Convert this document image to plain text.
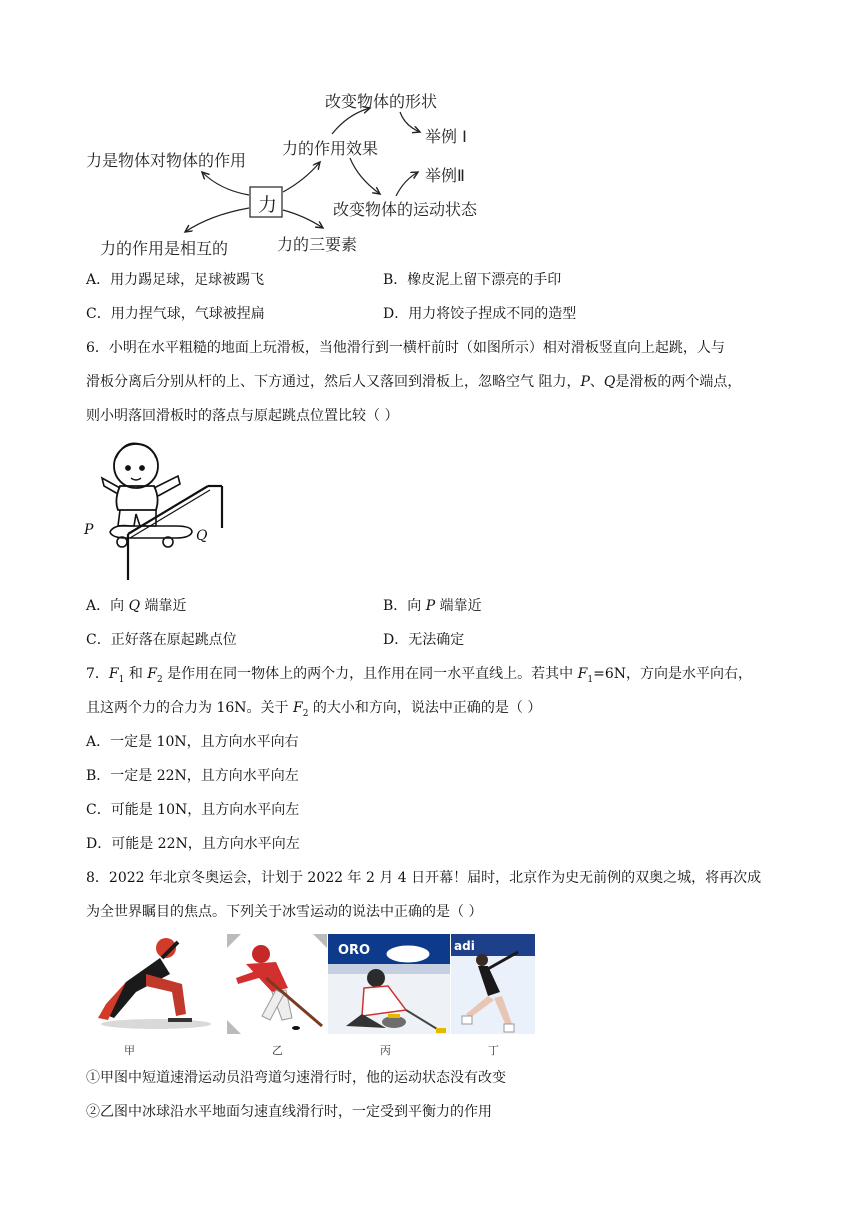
力
力是物体对物体的作用
力的作用是相互的
力的作用效果
力的三要素
改变物体的形状
改变物体的运动状态
举例 I
举例Ⅱ
A．用力踢足球，足球被踢飞	B．橡皮泥上留下漂亮的手印
C．用力捏气球，气球被捏扁	D．用力将饺子捏成不同的造型
6．小明在水平粗糙的地面上玩滑板，当他滑行到一横杆前时（如图所示）相对滑板竖直向上起跳，人与
滑板分离后分别从杆的上、下方通过，然后人又落回到滑板上，忽略空气 阻力，P、Q是滑板的两个端点，
则小明落回滑板时的落点与原起跳点位置比较（ ）
P	Q
A．向 Q 端靠近	B．向 P 端靠近
C．正好落在原起跳点位	D．无法确定
7．$F_1$ 和 $F_2$ 是作用在同一物体上的两个力，且作用在同一水平直线上。若其中 $F_1=6N$，方向是水平向右，
且这两个力的合力为 16N。关于 $F_2$ 的大小和方向，说法中正确的是（ ）
A．一定是 10N，且方向水平向右
B．一定是 22N，且方向水平向左
C．可能是 10N，且方向水平向左
D．可能是 22N，且方向水平向左
8．2022 年北京冬奥运会，计划于 2022 年 2 月 4 日开幕！届时，北京作为史无前例的双奥之城，将再次成
为全世界瞩目的焦点。下列关于冰雪运动的说法中正确的是（ ）
ORO	adi
甲	乙	丙	丁
①甲图中短道速滑运动员沿弯道匀速滑行时，他的运动状态没有改变
②乙图中冰球沿水平地面匀速直线滑行时，一定受到平衡力的作用
